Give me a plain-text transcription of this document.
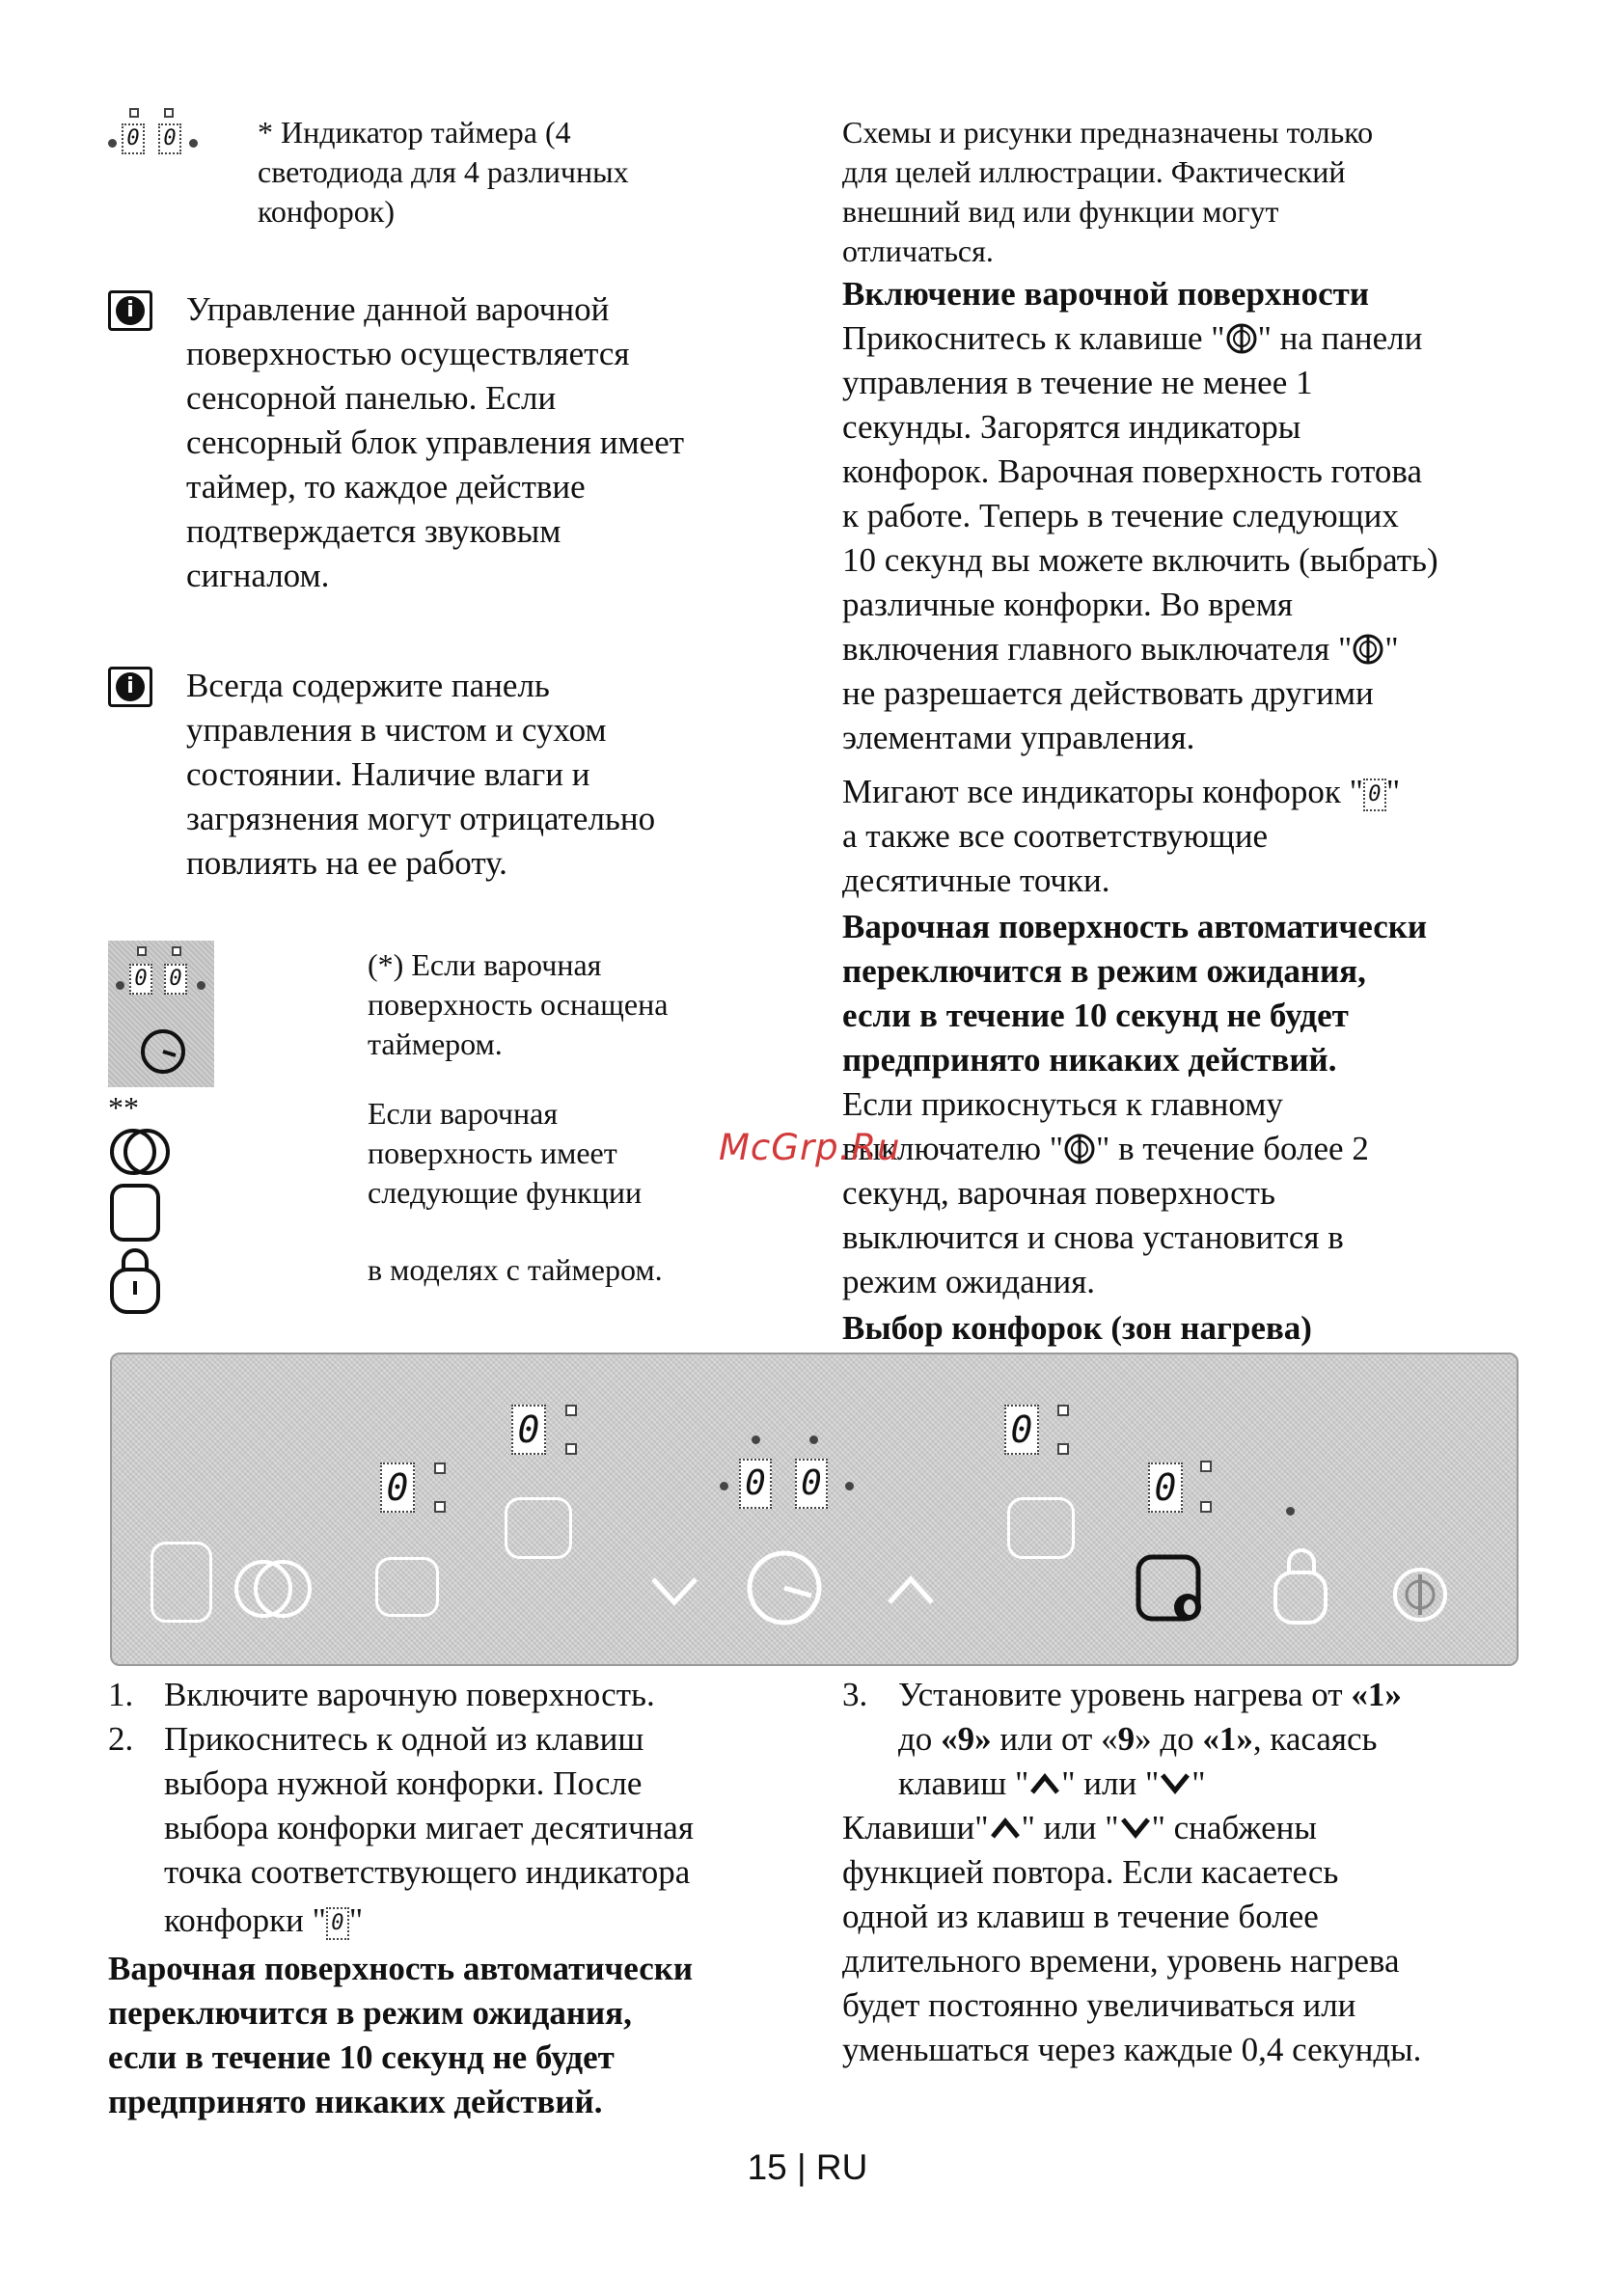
0 0	* Индикатор таймера (4
светодиода для 4 различных
конфорок)
i	Управление данной варочной
поверхностью осуществляется
сенсорной панелью. Если
сенсорный блок управления имеет
таймер, то каждое действие
подтверждается звуковым
сигналом.
i	Всегда содержите панель
управления в чистом и сухом
состоянии. Наличие влаги и
загрязнения могут отрицательно
повлиять на ее работу.
0 0
**
(*) Если варочная
поверхность оснащена
таймером.
Если варочная
поверхность имеет
следующие функции
в моделях с таймером.
Схемы и рисунки предназначены только
для целей иллюстрации. Фактический
внешний вид или функции могут
отличаться.
Включение варочной поверхности
Прикоснитесь к клавише " " на панели
управления в течение не менее 1
секунды. Загорятся индикаторы
конфорок. Варочная поверхность готова
к работе. Теперь в течение следующих
10 секунд вы можете включить (выбрать)
различные конфорки. Во время
включения главного выключателя " "
не разрешается действовать другими
элементами управления.
Мигают все индикаторы конфорок " 0 "
а также все соответствующие
десятичные точки.
Варочная поверхность автоматически
переключится в режим ожидания,
если в течение 10 секунд не будет
предпринято никаких действий.
Если прикоснуться к главному
выключателю " " в течение более 2
секунд, варочная поверхность
выключится и снова установится в
режим ожидания.
Выбор конфорок (зон нагрева)
McGrp.Ru
0
0
0 0
0
0
1. Включите варочную поверхность.
2. Прикоснитесь к одной из клавиш
выбора нужной конфорки. После
выбора конфорки мигает десятичная
точка соответствующего индикатора
конфорки " 0 "
Варочная поверхность автоматически
переключится в режим ожидания,
если в течение 10 секунд не будет
предпринято никаких действий.
3. Установите уровень нагрева от «1»
до «9» или от «9» до «1», касаясь
клавиш " " или " "
Клавиши" " или " " снабжены
функцией повтора. Если касаетесь
одной из клавиш в течение более
длительного времени, уровень нагрева
будет постоянно увеличиваться или
уменьшаться через каждые 0,4 секунды.
15 | RU
